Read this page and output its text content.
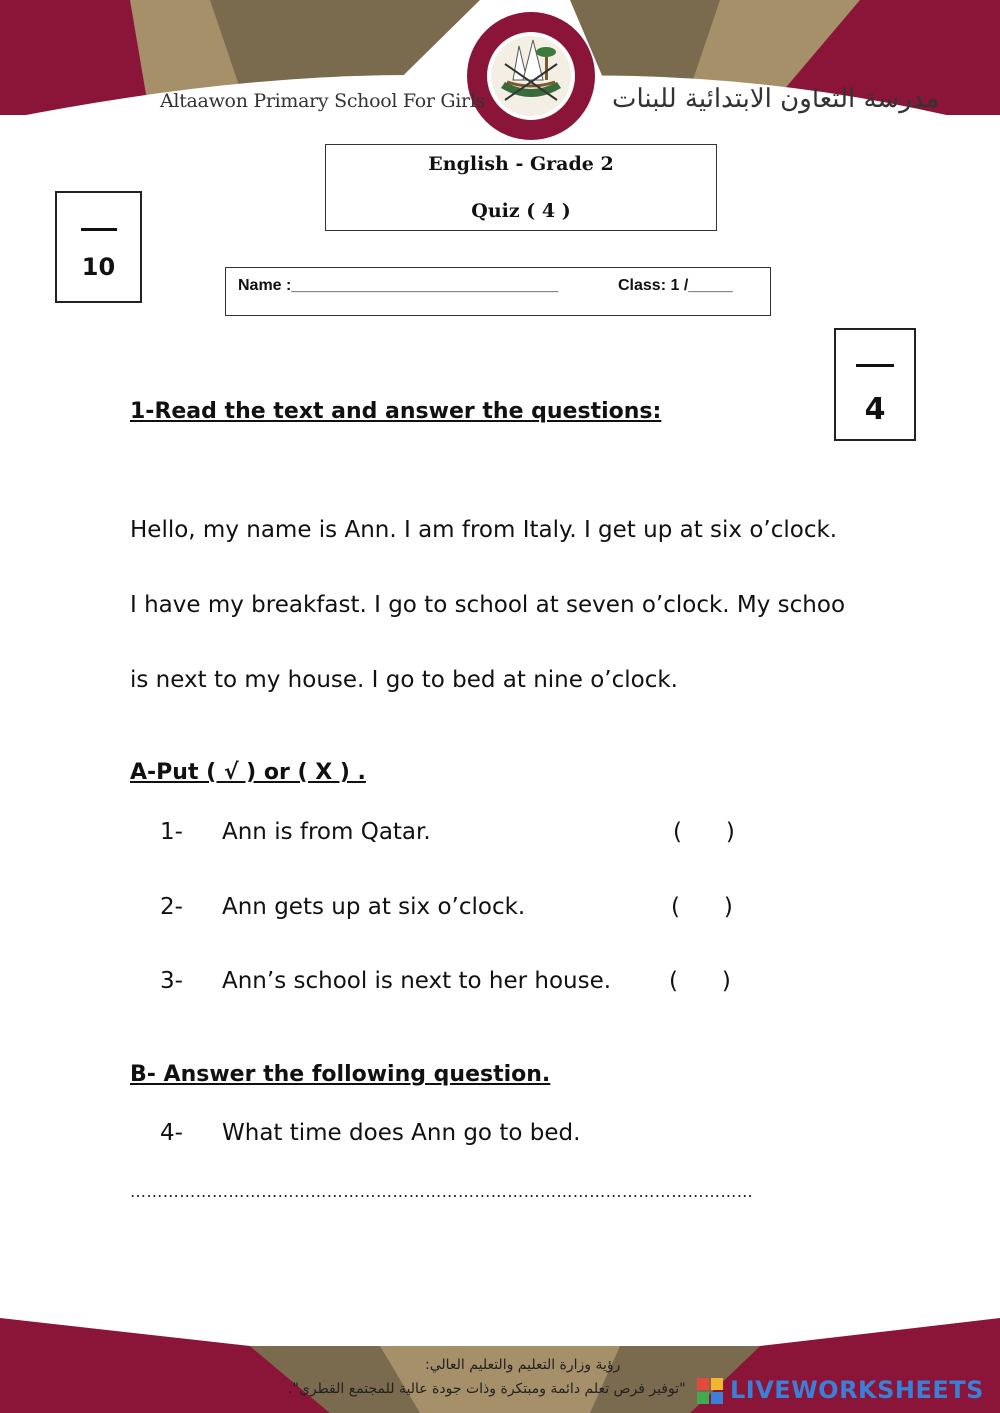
Altaawon Primary School For Girls	مدرسة التعاون الابتدائية للبنات
English - Grade 2
Quiz ( 4 )
10
Name :______________________________	Class: 1 /_____
4
1-Read the text and answer the questions:
Hello, my name is Ann. I am from Italy. I get up at six o’clock.
I have my breakfast. I go to school at seven o’clock. My schoo
is next to my house. I go to bed at nine o’clock.
A-Put ( √ ) or ( X ) .
1- Ann is from Qatar.	(      )
2- Ann gets up at six o’clock.	(      )
3- Ann’s school is next to her house.	(      )
B- Answer the following question.
4- What time does Ann go to bed.
……………………………………………………………………………………………………
رؤية وزارة التعليم والتعليم العالي:
"توفير فرص تعلم دائمة ومبتكرة وذات جودة عالية للمجتمع القطري". LIVEWORKSHEETS
